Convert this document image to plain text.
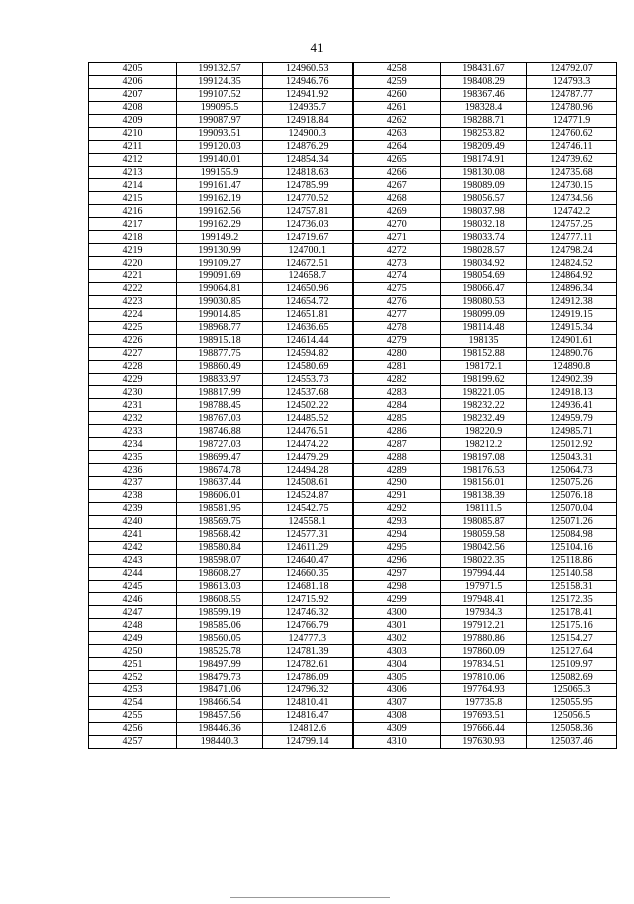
41
4205	199132.57	124960.53	4258	198431.67	124792.07
4206	199124.35	124946.76	4259	198408.29	124793.3
4207	199107.52	124941.92	4260	198367.46	124787.77
4208	199095.5	124935.7	4261	198328.4	124780.96
4209	199087.97	124918.84	4262	198288.71	124771.9
4210	199093.51	124900.3	4263	198253.82	124760.62
4211	199120.03	124876.29	4264	198209.49	124746.11
4212	199140.01	124854.34	4265	198174.91	124739.62
4213	199155.9	124818.63	4266	198130.08	124735.68
4214	199161.47	124785.99	4267	198089.09	124730.15
4215	199162.19	124770.52	4268	198056.57	124734.56
4216	199162.56	124757.81	4269	198037.98	124742.2
4217	199162.29	124736.03	4270	198032.18	124757.25
4218	199149.2	124719.67	4271	198033.74	124777.11
4219	199130.99	124700.1	4272	198028.57	124798.24
4220	199109.27	124672.51	4273	198034.92	124824.52
4221	199091.69	124658.7	4274	198054.69	124864.92
4222	199064.81	124650.96	4275	198066.47	124896.34
4223	199030.85	124654.72	4276	198080.53	124912.38
4224	199014.85	124651.81	4277	198099.09	124919.15
4225	198968.77	124636.65	4278	198114.48	124915.34
4226	198915.18	124614.44	4279	198135	124901.61
4227	198877.75	124594.82	4280	198152.88	124890.76
4228	198860.49	124580.69	4281	198172.1	124890.8
4229	198833.97	124553.73	4282	198199.62	124902.39
4230	198817.99	124537.68	4283	198221.05	124918.13
4231	198788.45	124502.22	4284	198232.22	124936.41
4232	198767.03	124485.52	4285	198232.49	124959.79
4233	198746.88	124476.51	4286	198220.9	124985.71
4234	198727.03	124474.22	4287	198212.2	125012.92
4235	198699.47	124479.29	4288	198197.08	125043.31
4236	198674.78	124494.28	4289	198176.53	125064.73
4237	198637.44	124508.61	4290	198156.01	125075.26
4238	198606.01	124524.87	4291	198138.39	125076.18
4239	198581.95	124542.75	4292	198111.5	125070.04
4240	198569.75	124558.1	4293	198085.87	125071.26
4241	198568.42	124577.31	4294	198059.58	125084.98
4242	198580.84	124611.29	4295	198042.56	125104.16
4243	198598.07	124640.47	4296	198022.35	125118.86
4244	198608.27	124660.35	4297	197994.44	125140.58
4245	198613.03	124681.18	4298	197971.5	125158.31
4246	198608.55	124715.92	4299	197948.41	125172.35
4247	198599.19	124746.32	4300	197934.3	125178.41
4248	198585.06	124766.79	4301	197912.21	125175.16
4249	198560.05	124777.3	4302	197880.86	125154.27
4250	198525.78	124781.39	4303	197860.09	125127.64
4251	198497.99	124782.61	4304	197834.51	125109.97
4252	198479.73	124786.09	4305	197810.06	125082.69
4253	198471.06	124796.32	4306	197764.93	125065.3
4254	198466.54	124810.41	4307	197735.8	125055.95
4255	198457.56	124816.47	4308	197693.51	125056.5
4256	198446.36	124812.6	4309	197666.44	125058.36
4257	198440.3	124799.14	4310	197630.93	125037.46
